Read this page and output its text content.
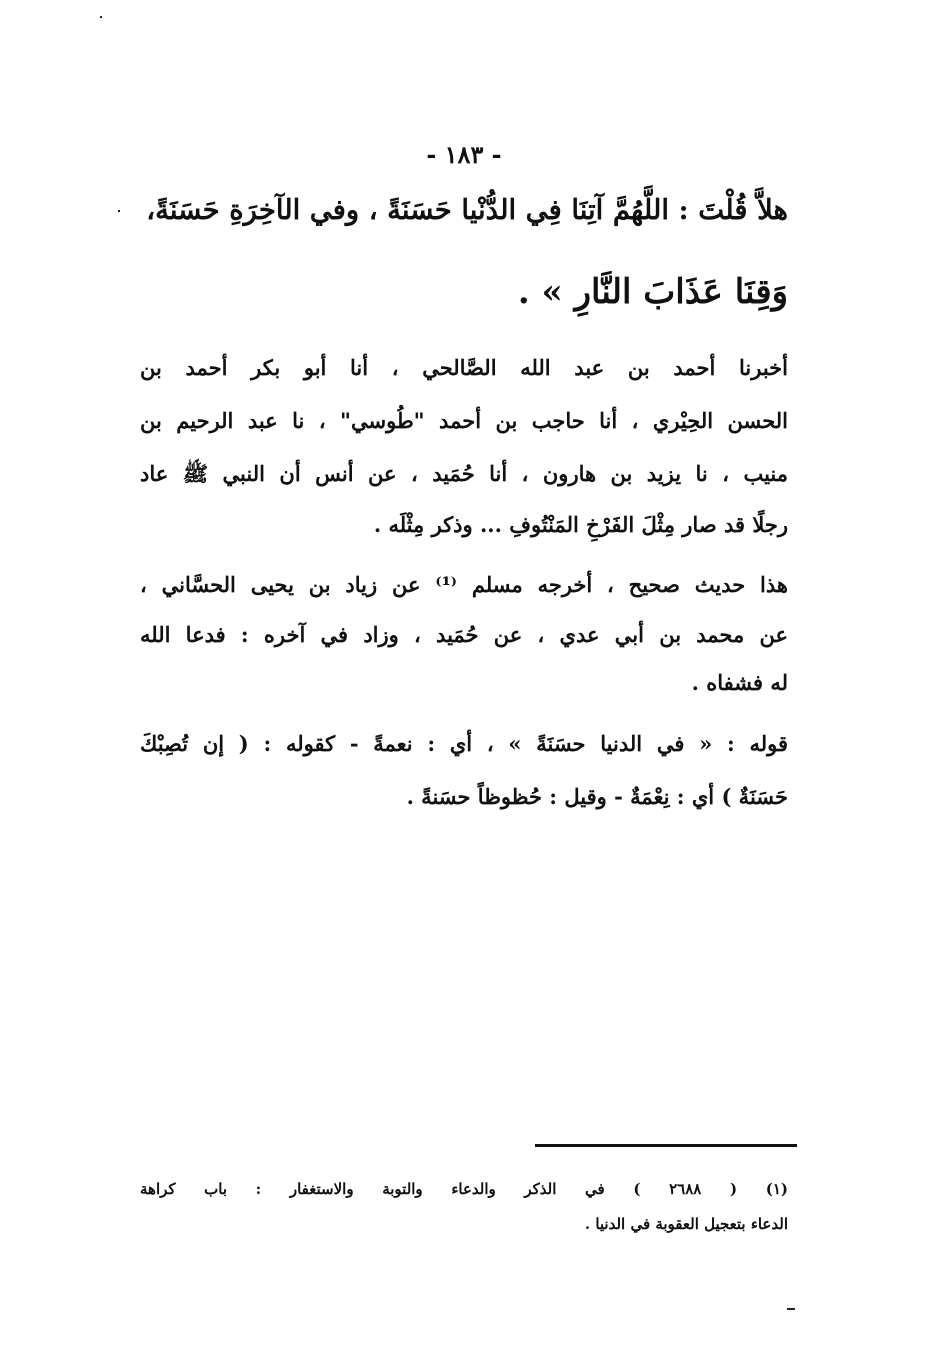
- ١٨٣ -
هلاَّ قُلْتَ : اللَّهُمَّ آتِنَا فِي الدُّنْيا حَسَنَةً ، وفي الآخِرَةِ حَسَنَةً،
وَقِنَا عَذَابَ النَّارِ » .
أخبرنا أحمد بن عبد الله الصَّالحي ، أنا أبو بكر أحمد بن
الحسن الحِيْري ، أنا حاجب بن أحمد "طُوسي" ، نا عبد الرحيم بن
منيب ، نا يزيد بن هارون ، أنا حُمَيد ، عن أنس أن النبي ﷺ عاد
رجلًا قد صار مِثْلَ الفَرْخِ المَنْتُوفِ ... وذكر مِثْلَه .
هذا حديث صحيح ، أخرجه مسلم ⁽¹⁾ عن زياد بن يحيى الحسَّاني ،
عن محمد بن أبي عدي ، عن حُمَيد ، وزاد في آخره : فدعا الله
له فشفاه .
قوله : « في الدنيا حسَنَةً » ، أي : نعمةً - كقوله : ( إن تُصِبْكَ
حَسَنَةٌ ) أي : نِعْمَةٌ - وقيل : حُظوظاً حسَنةً .
(١) ( ٢٦٨٨ ) في الذكر والدعاء والتوبة والاستغفار : باب كراهة
الدعاء بتعجيل العقوبة في الدنيا .
